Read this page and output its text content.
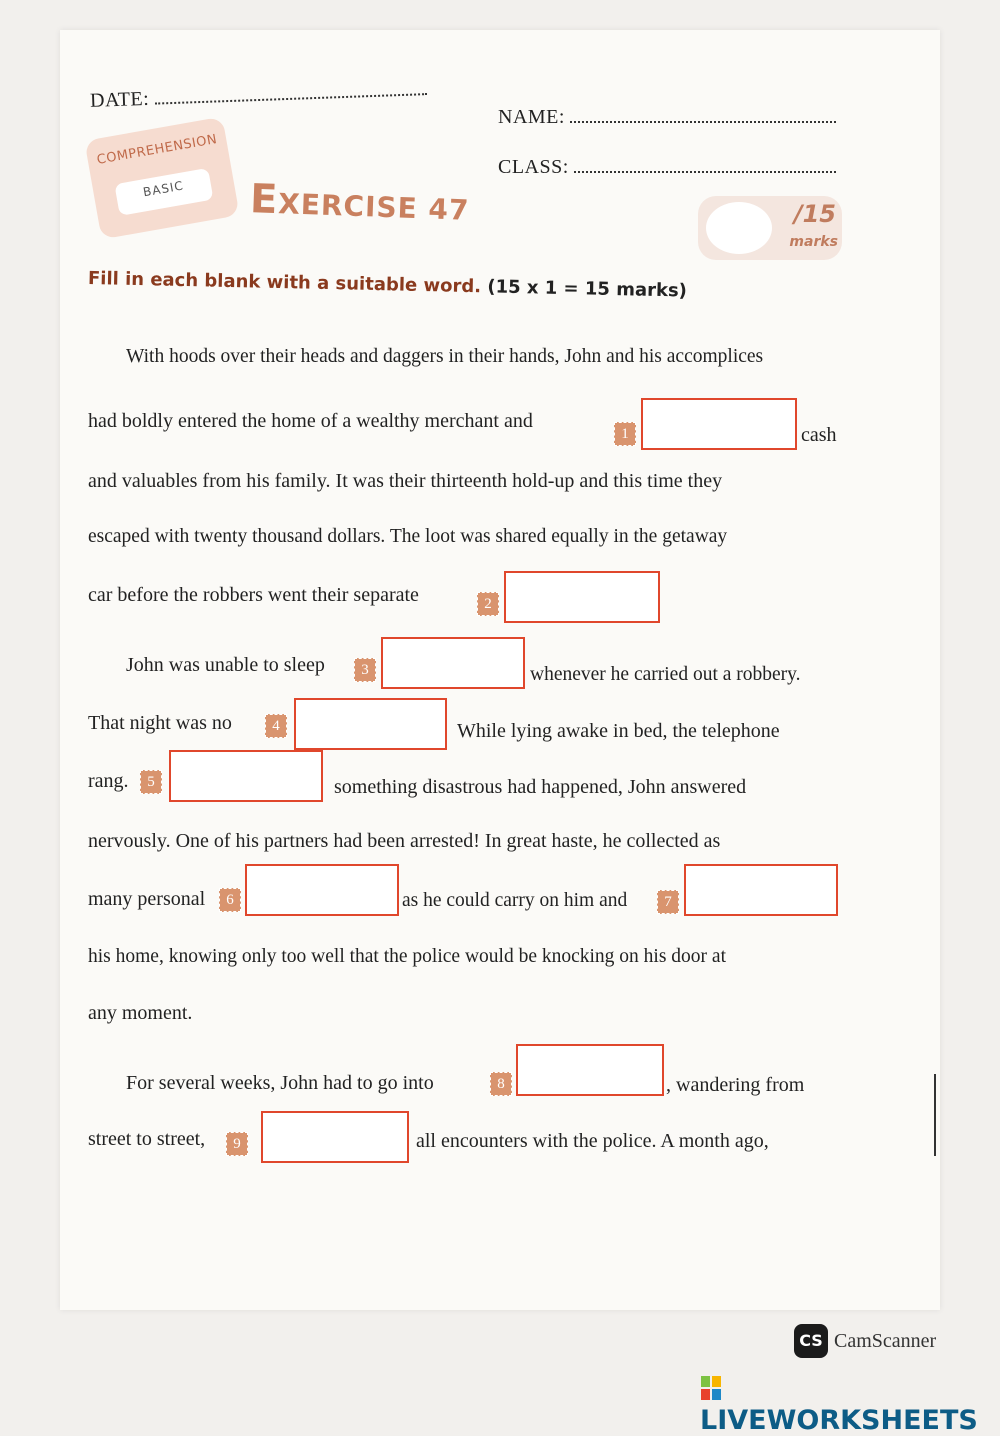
DATE:
NAME:
CLASS:
COMPREHENSION
BASIC	EXERCISE 47	/15
marks
Fill in each blank with a suitable word. (15 x 1 = 15 marks)
With hoods over their heads and daggers in their hands, John and his accomplices
had boldly entered the home of a wealthy merchant and
1	cash
and valuables from his family. It was their thirteenth hold-up and this time they
escaped with twenty thousand dollars. The loot was shared equally in the getaway
car before the robbers went their separate	2
John was unable to sleep	3	whenever he carried out a robbery.
That night was no	4	While lying awake in bed, the telephone
rang.	5	something disastrous had happened, John answered
nervously. One of his partners had been arrested! In great haste, he collected as
many personal	6	as he could carry on him and	7
his home, knowing only too well that the police would be knocking on his door at
any moment.
For several weeks, John had to go into	8	, wandering from
street to street,	9	all encounters with the police. A month ago,
CS CamScanner
LIVEWORKSHEETS
